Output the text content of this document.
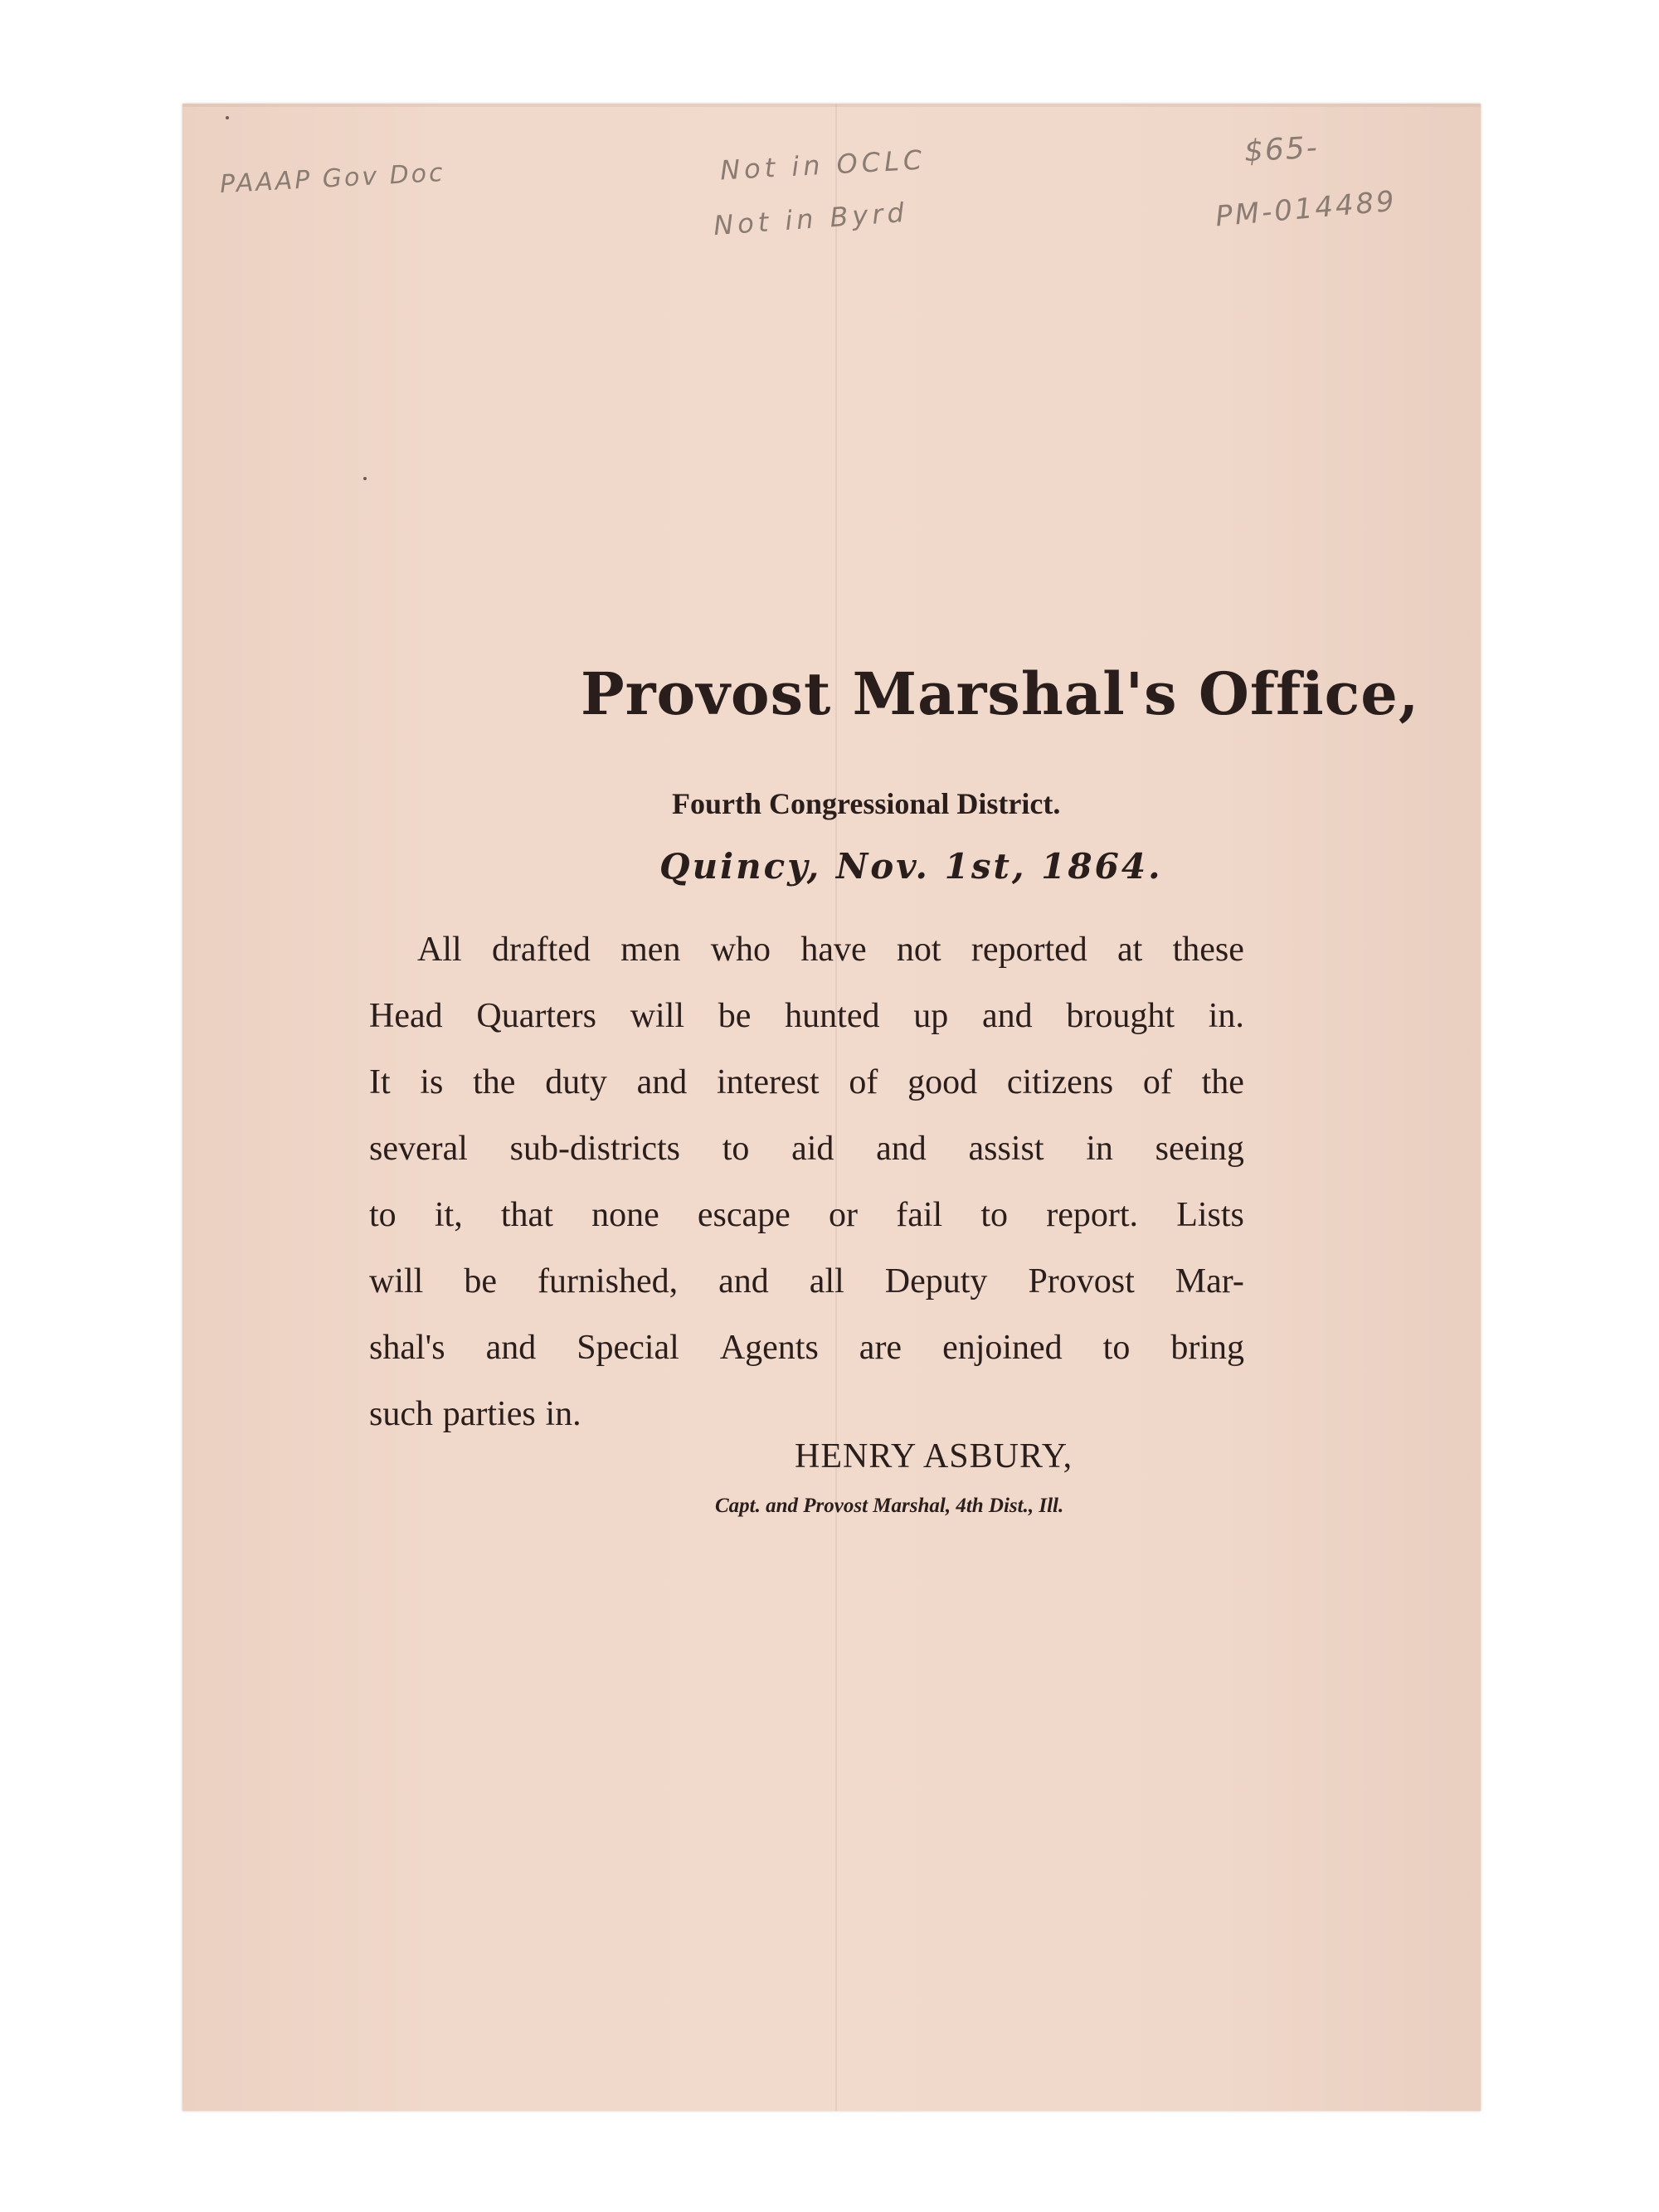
PAAAP Gov Doc	Not in OCLC
Not in Byrd
$65-
PM-014489
Provost Marshal's Office,
Fourth Congressional District.
Quincy, Nov. 1st, 1864.
All drafted men who have not reported at these
Head Quarters will be hunted up and brought in.
It is the duty and interest of good citizens of the
several sub-districts to aid and assist in seeing
to it, that none escape or fail to report. Lists
will be furnished, and all Deputy Provost Mar-
shal's and Special Agents are enjoined to bring
such parties in.
HENRY ASBURY,
Capt. and Provost Marshal, 4th Dist., Ill.
